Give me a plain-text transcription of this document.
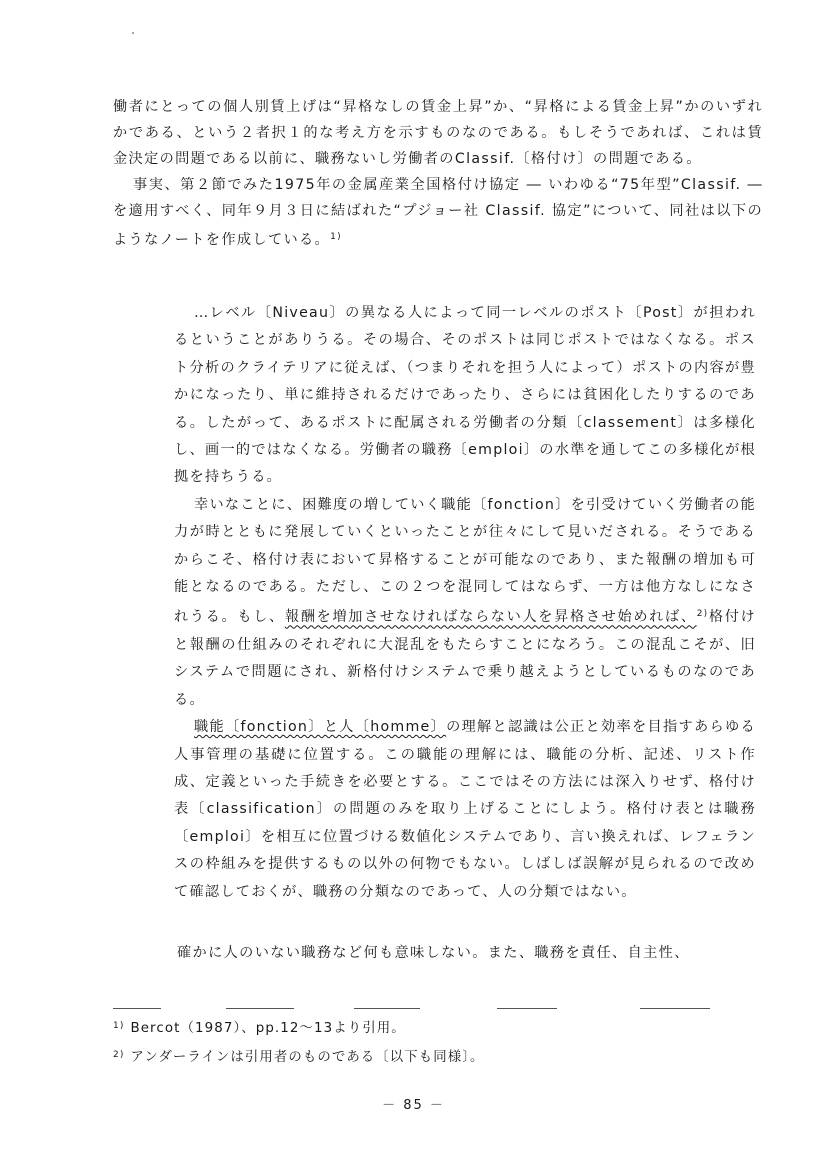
働者にとっての個人別賃上げは“昇格なしの賃金上昇”か、“昇格による賃金上昇”かのいずれかである、という２者択１的な考え方を示すものなのである。もしそうであれば、これは賃金決定の問題である以前に、職務ないし労働者のClassif.〔格付け〕の問題である。

事実、第２節でみた1975年の金属産業全国格付け協定 ― いわゆる“75年型”Classif. ― を適用すべく、同年９月３日に結ばれた“プジョー社 Classif. 協定”について、同社は以下のようなノートを作成している。$^{1)}$

…レベル〔Niveau〕の異なる人によって同一レベルのポスト〔Post〕が担われるということがありうる。その場合、そのポストは同じポストではなくなる。ポスト分析のクライテリアに従えば、（つまりそれを担う人によって）ポストの内容が豊かになったり、単に維持されるだけであったり、さらには貧困化したりするのである。したがって、あるポストに配属される労働者の分類〔classement〕は多様化し、画一的ではなくなる。労働者の職務〔emploi〕の水準を通してこの多様化が根拠を持ちうる。

幸いなことに、困難度の増していく職能〔fonction〕を引受けていく労働者の能力が時とともに発展していくといったことが往々にして見いだされる。そうであるからこそ、格付け表において昇格することが可能なのであり、また報酬の増加も可能となるのである。ただし、この２つを混同してはならず、一方は他方なしになされうる。もし、報酬を増加させなければならない人を昇格させ始めれば、$^{2)}$格付けと報酬の仕組みのそれぞれに大混乱をもたらすことになろう。この混乱こそが、旧システムで問題にされ、新格付けシステムで乗り越えようとしているものなのである。

職能〔fonction〕と人〔homme〕の理解と認識は公正と効率を目指すあらゆる人事管理の基礎に位置する。この職能の理解には、職能の分析、記述、リスト作成、定義といった手続きを必要とする。ここではその方法には深入りせず、格付け表〔classification〕の問題のみを取り上げることにしよう。格付け表とは職務〔emploi〕を相互に位置づける数値化システムであり、言い換えれば、レフェランスの枠組みを提供するもの以外の何物でもない。しばしば誤解が見られるので改めて確認しておくが、職務の分類なのであって、人の分類ではない。

確かに人のいない職務など何も意味しない。また、職務を責任、自主性、

$^{1)}$ Bercot（1987）、pp.12～13より引用。
$^{2)}$ アンダーラインは引用者のものである〔以下も同様〕。
－ 85 －
